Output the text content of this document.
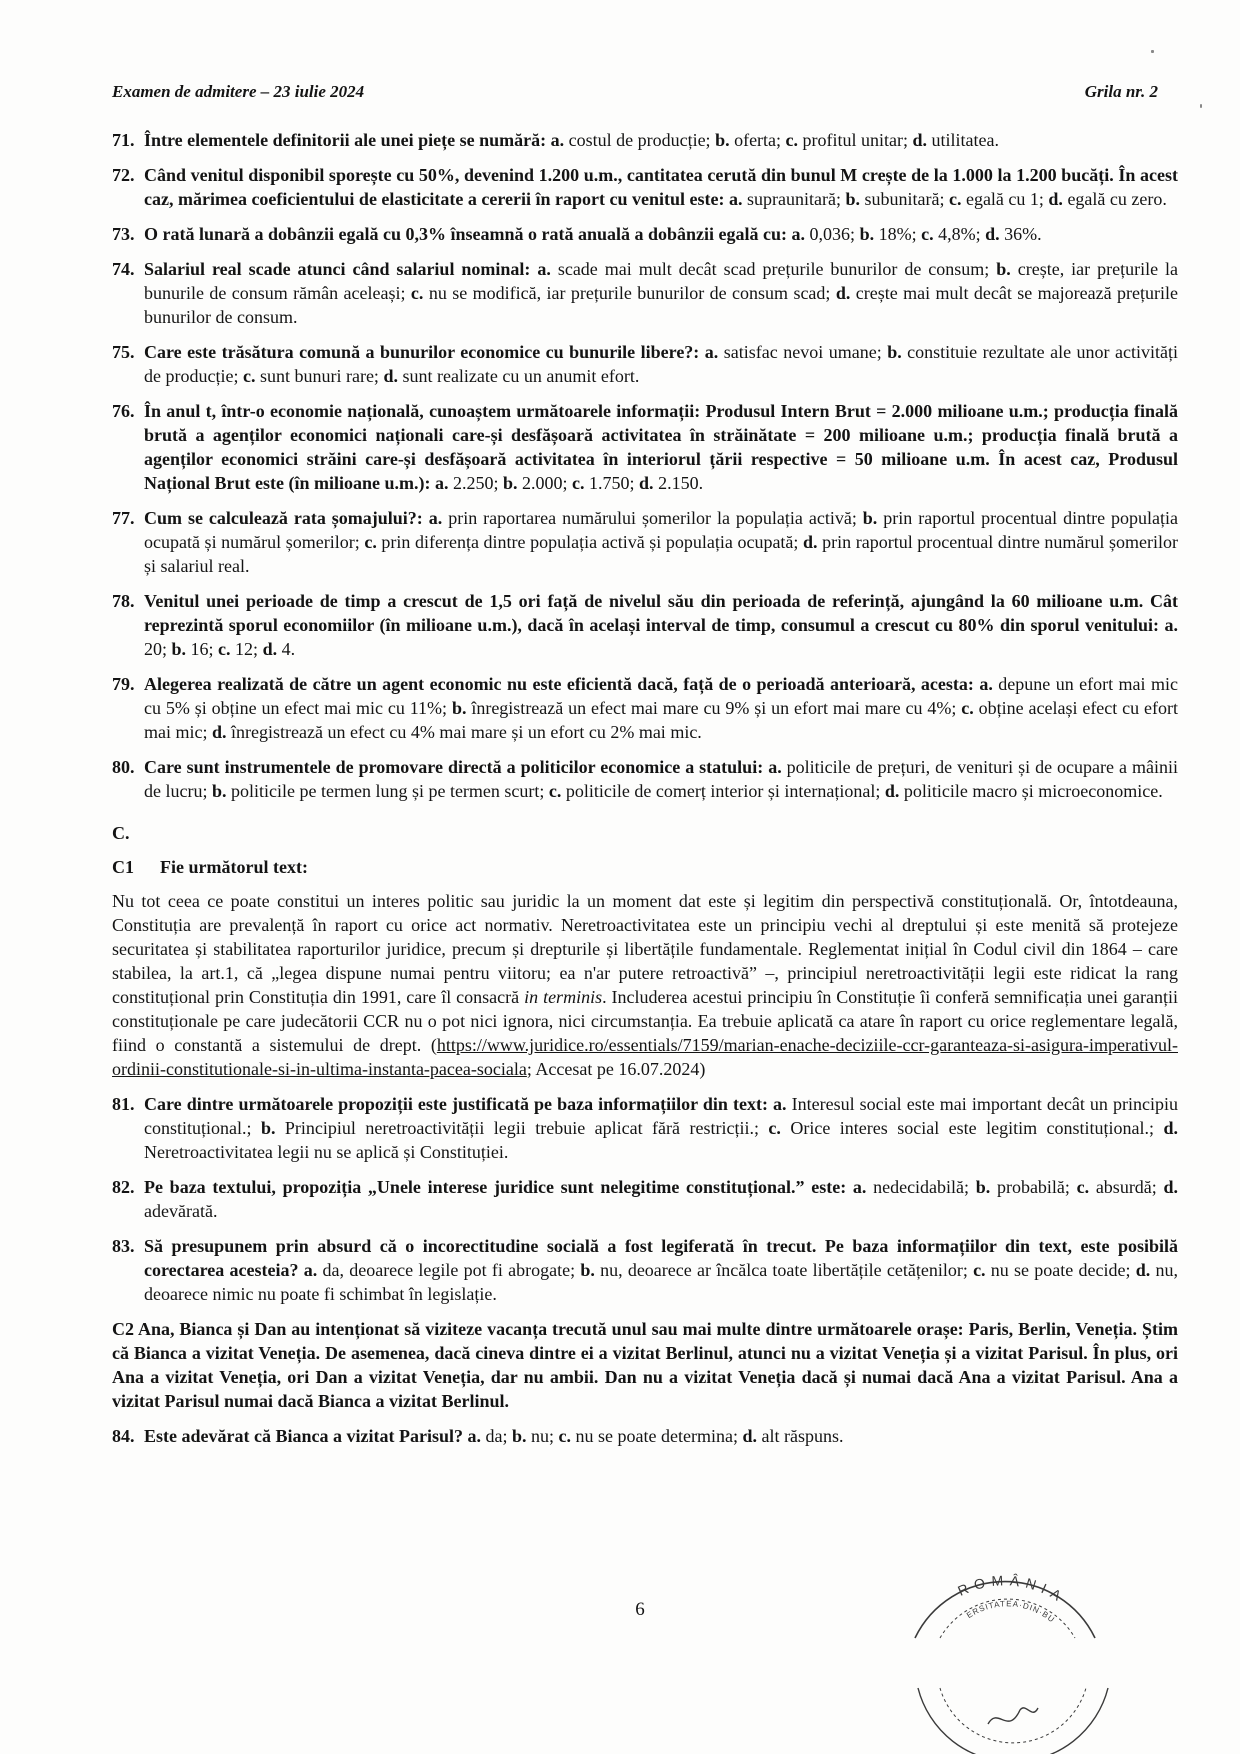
Examen de admitere – 23 iulie 2024	Grila nr. 2

71. Între elementele definitorii ale unei piețe se numără: a. costul de producție; b. oferta; c. profitul unitar; d. utilitatea.

72. Când venitul disponibil sporește cu 50%, devenind 1.200 u.m., cantitatea cerută din bunul M crește de la 1.000 la 1.200 bucăți. În acest caz, mărimea coeficientului de elasticitate a cererii în raport cu venitul este: a. supraunitară; b. subunitară; c. egală cu 1; d. egală cu zero.

73. O rată lunară a dobânzii egală cu 0,3% înseamnă o rată anuală a dobânzii egală cu: a. 0,036; b. 18%; c. 4,8%; d. 36%.

74. Salariul real scade atunci când salariul nominal: a. scade mai mult decât scad prețurile bunurilor de consum; b. crește, iar prețurile la bunurile de consum rămân aceleași; c. nu se modifică, iar prețurile bunurilor de consum scad; d. crește mai mult decât se majorează prețurile bunurilor de consum.

75. Care este trăsătura comună a bunurilor economice cu bunurile libere?: a. satisfac nevoi umane; b. constituie rezultate ale unor activități de producție; c. sunt bunuri rare; d. sunt realizate cu un anumit efort.

76. În anul t, într-o economie națională, cunoaștem următoarele informații: Produsul Intern Brut = 2.000 milioane u.m.; producția finală brută a agenților economici naționali care-și desfășoară activitatea în străinătate = 200 milioane u.m.; producția finală brută a agenților economici străini care-și desfășoară activitatea în interiorul țării respective = 50 milioane u.m. În acest caz, Produsul Național Brut este (în milioane u.m.): a. 2.250; b. 2.000; c. 1.750; d. 2.150.

77. Cum se calculează rata șomajului?: a. prin raportarea numărului șomerilor la populația activă; b. prin raportul procentual dintre populația ocupată și numărul șomerilor; c. prin diferența dintre populația activă și populația ocupată; d. prin raportul procentual dintre numărul șomerilor și salariul real.

78. Venitul unei perioade de timp a crescut de 1,5 ori față de nivelul său din perioada de referință, ajungând la 60 milioane u.m. Cât reprezintă sporul economiilor (în milioane u.m.), dacă în același interval de timp, consumul a crescut cu 80% din sporul venitului: a. 20; b. 16; c. 12; d. 4.

79. Alegerea realizată de către un agent economic nu este eficientă dacă, față de o perioadă anterioară, acesta: a. depune un efort mai mic cu 5% și obține un efect mai mic cu 11%; b. înregistrează un efect mai mare cu 9% și un efort mai mare cu 4%; c. obține același efect cu efort mai mic; d. înregistrează un efect cu 4% mai mare și un efort cu 2% mai mic.

80. Care sunt instrumentele de promovare directă a politicilor economice a statului: a. politicile de prețuri, de venituri și de ocupare a mâinii de lucru; b. politicile pe termen lung și pe termen scurt; c. politicile de comerț interior și internațional; d. politicile macro și microeconomice.

C.
C1 Fie următorul text:

Nu tot ceea ce poate constitui un interes politic sau juridic la un moment dat este și legitim din perspectivă constituțională. Or, întotdeauna, Constituția are prevalență în raport cu orice act normativ. Neretroactivitatea este un principiu vechi al dreptului și este menită să protejeze securitatea și stabilitatea raporturilor juridice, precum și drepturile și libertățile fundamentale. Reglementat inițial în Codul civil din 1864 – care stabilea, la art.1, că „legea dispune numai pentru viitoru; ea n'ar putere retroactivă” –, principiul neretroactivității legii este ridicat la rang constituțional prin Constituția din 1991, care îl consacră in terminis. Includerea acestui principiu în Constituție îi conferă semnificația unei garanții constituționale pe care judecătorii CCR nu o pot nici ignora, nici circumstanția. Ea trebuie aplicată ca atare în raport cu orice reglementare legală, fiind o constantă a sistemului de drept. (https://www.juridice.ro/essentials/7159/marian-enache-deciziile-ccr-garanteaza-si-asigura-imperativul-ordinii-constitutionale-si-in-ultima-instanta-pacea-sociala; Accesat pe 16.07.2024)

81. Care dintre următoarele propoziții este justificată pe baza informațiilor din text: a. Interesul social este mai important decât un principiu constituțional.; b. Principiul neretroactivității legii trebuie aplicat fără restricții.; c. Orice interes social este legitim constituțional.; d. Neretroactivitatea legii nu se aplică și Constituției.

82. Pe baza textului, propoziția „Unele interese juridice sunt nelegitime constituțional.” este: a. nedecidabilă; b. probabilă; c. absurdă; d. adevărată.

83. Să presupunem prin absurd că o incorectitudine socială a fost legiferată în trecut. Pe baza informațiilor din text, este posibilă corectarea acesteia? a. da, deoarece legile pot fi abrogate; b. nu, deoarece ar încălca toate libertățile cetățenilor; c. nu se poate decide; d. nu, deoarece nimic nu poate fi schimbat în legislație.

C2 Ana, Bianca și Dan au intenționat să viziteze vacanța trecută unul sau mai multe dintre următoarele orașe: Paris, Berlin, Veneția. Știm că Bianca a vizitat Veneția. De asemenea, dacă cineva dintre ei a vizitat Berlinul, atunci nu a vizitat Veneția și a vizitat Parisul. În plus, ori Ana a vizitat Veneția, ori Dan a vizitat Veneția, dar nu ambii. Dan nu a vizitat Veneția dacă și numai dacă Ana a vizitat Parisul. Ana a vizitat Parisul numai dacă Bianca a vizitat Berlinul.

84. Este adevărat că Bianca a vizitat Parisul? a. da; b. nu; c. nu se poate determina; d. alt răspuns.

6
ROMÂNIA
ERSITATEA·DIN·BU
